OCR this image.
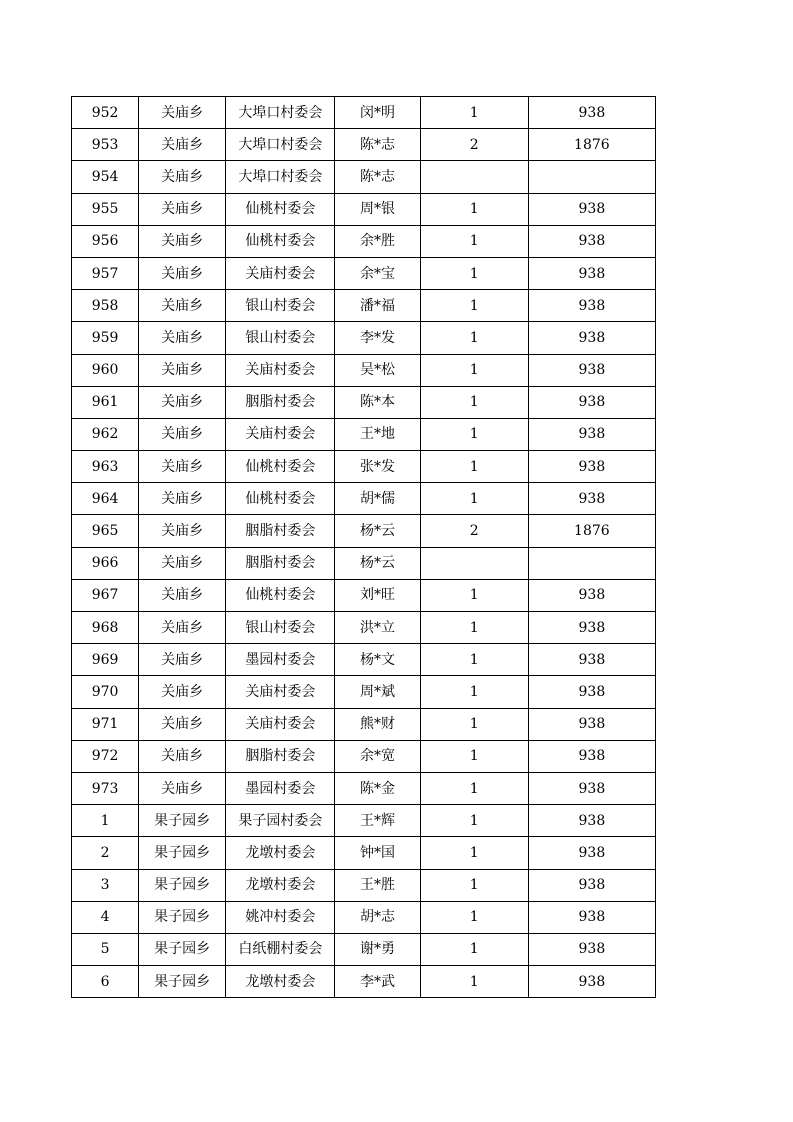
952	关庙乡	大埠口村委会	闵*明	1	938
953	关庙乡	大埠口村委会	陈*志	2	1876
954	关庙乡	大埠口村委会	陈*志		
955	关庙乡	仙桃村委会	周*银	1	938
956	关庙乡	仙桃村委会	余*胜	1	938
957	关庙乡	关庙村委会	余*宝	1	938
958	关庙乡	银山村委会	潘*福	1	938
959	关庙乡	银山村委会	李*发	1	938
960	关庙乡	关庙村委会	吴*松	1	938
961	关庙乡	胭脂村委会	陈*本	1	938
962	关庙乡	关庙村委会	王*地	1	938
963	关庙乡	仙桃村委会	张*发	1	938
964	关庙乡	仙桃村委会	胡*儒	1	938
965	关庙乡	胭脂村委会	杨*云	2	1876
966	关庙乡	胭脂村委会	杨*云		
967	关庙乡	仙桃村委会	刘*旺	1	938
968	关庙乡	银山村委会	洪*立	1	938
969	关庙乡	墨园村委会	杨*文	1	938
970	关庙乡	关庙村委会	周*斌	1	938
971	关庙乡	关庙村委会	熊*财	1	938
972	关庙乡	胭脂村委会	余*宽	1	938
973	关庙乡	墨园村委会	陈*金	1	938
1	果子园乡	果子园村委会	王*辉	1	938
2	果子园乡	龙墩村委会	钟*国	1	938
3	果子园乡	龙墩村委会	王*胜	1	938
4	果子园乡	姚冲村委会	胡*志	1	938
5	果子园乡	白纸棚村委会	谢*勇	1	938
6	果子园乡	龙墩村委会	李*武	1	938
